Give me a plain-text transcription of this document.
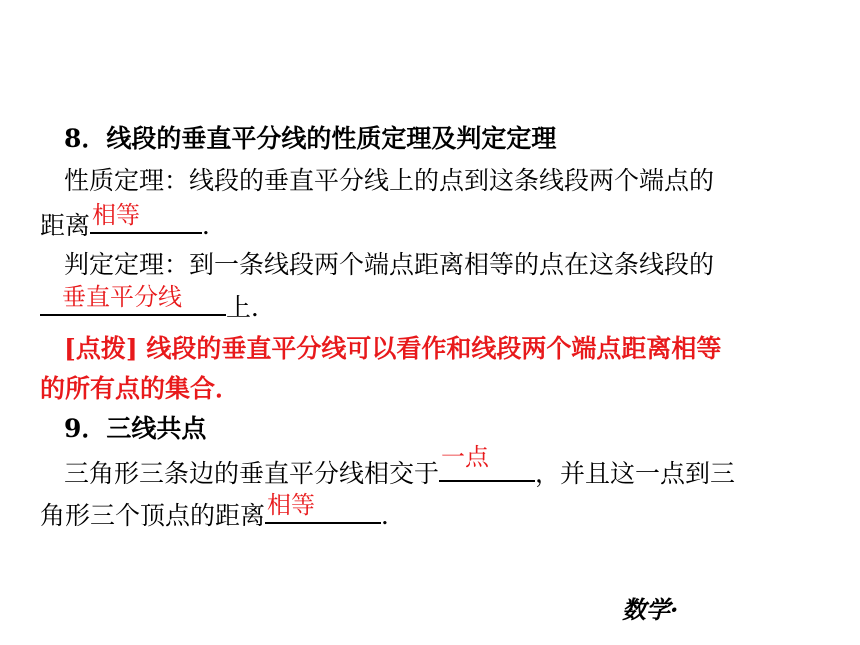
8．线段的垂直平分线的性质定理及判定定理
性质定理：线段的垂直平分线上的点到这条线段两个端点的
距离 相等 ．
判定定理：到一条线段两个端点距离相等的点在这条线段的
垂直平分线 上．
[点拨] 线段的垂直平分线可以看作和线段两个端点距离相等
的所有点的集合．
9．三线共点
三角形三条边的垂直平分线相交于
一点
，并且这一点到三
角形三个顶点的距离 相等	．
数学·
